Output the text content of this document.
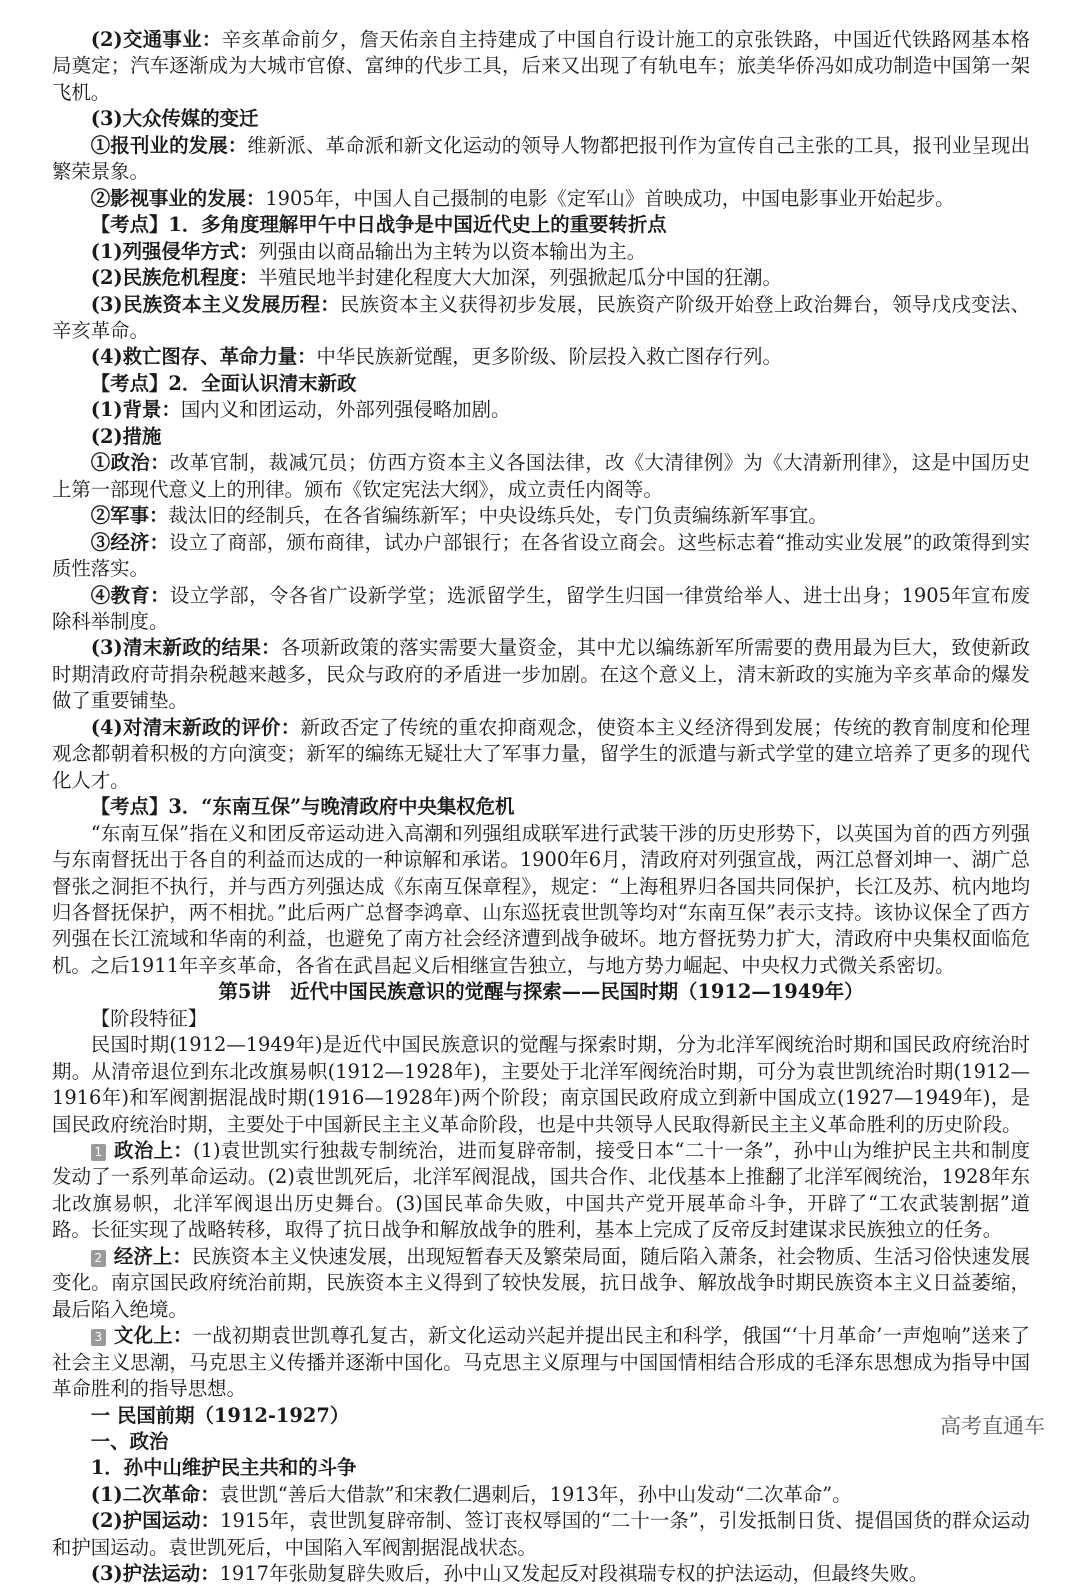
(2)交通事业：辛亥革命前夕，詹天佑亲自主持建成了中国自行设计施工的京张铁路，中国近代铁路网基本格局奠定；汽车逐渐成为大城市官僚、富绅的代步工具，后来又出现了有轨电车；旅美华侨冯如成功制造中国第一架飞机。

(3)大众传媒的变迁

①报刊业的发展：维新派、革命派和新文化运动的领导人物都把报刊作为宣传自己主张的工具，报刊业呈现出繁荣景象。

②影视事业的发展：1905年，中国人自己摄制的电影《定军山》首映成功，中国电影事业开始起步。

【考点】1．多角度理解甲午中日战争是中国近代史上的重要转折点

(1)列强侵华方式：列强由以商品输出为主转为以资本输出为主。

(2)民族危机程度：半殖民地半封建化程度大大加深，列强掀起瓜分中国的狂潮。

(3)民族资本主义发展历程：民族资本主义获得初步发展，民族资产阶级开始登上政治舞台，领导戊戌变法、辛亥革命。

(4)救亡图存、革命力量：中华民族新觉醒，更多阶级、阶层投入救亡图存行列。

【考点】2．全面认识清末新政

(1)背景：国内义和团运动，外部列强侵略加剧。

(2)措施

①政治：改革官制，裁减冗员；仿西方资本主义各国法律，改《大清律例》为《大清新刑律》，这是中国历史上第一部现代意义上的刑律。颁布《钦定宪法大纲》，成立责任内阁等。

②军事：裁汰旧的经制兵，在各省编练新军；中央设练兵处，专门负责编练新军事宜。

③经济：设立了商部，颁布商律，试办户部银行；在各省设立商会。这些标志着“推动实业发展”的政策得到实质性落实。

④教育：设立学部，令各省广设新学堂；选派留学生，留学生归国一律赏给举人、进士出身；1905年宣布废除科举制度。

(3)清末新政的结果：各项新政策的落实需要大量资金，其中尤以编练新军所需要的费用最为巨大，致使新政时期清政府苛捐杂税越来越多，民众与政府的矛盾进一步加剧。在这个意义上，清末新政的实施为辛亥革命的爆发做了重要铺垫。

(4)对清末新政的评价：新政否定了传统的重农抑商观念，使资本主义经济得到发展；传统的教育制度和伦理观念都朝着积极的方向演变；新军的编练无疑壮大了军事力量，留学生的派遣与新式学堂的建立培养了更多的现代化人才。

【考点】3．“东南互保”与晚清政府中央集权危机

“东南互保”指在义和团反帝运动进入高潮和列强组成联军进行武装干涉的历史形势下，以英国为首的西方列强与东南督抚出于各自的利益而达成的一种谅解和承诺。1900年6月，清政府对列强宣战，两江总督刘坤一、湖广总督张之洞拒不执行，并与西方列强达成《东南互保章程》，规定：“上海租界归各国共同保护，长江及苏、杭内地均归各督抚保护，两不相扰。”此后两广总督李鸿章、山东巡抚袁世凯等均对“东南互保”表示支持。该协议保全了西方列强在长江流域和华南的利益，也避免了南方社会经济遭到战争破坏。地方督抚势力扩大，清政府中央集权面临危机。之后1911年辛亥革命，各省在武昌起义后相继宣告独立，与地方势力崛起、中央权力式微关系密切。

第5讲　近代中国民族意识的觉醒与探索——民国时期（1912—1949年）

【阶段特征】

民国时期(1912—1949年)是近代中国民族意识的觉醒与探索时期，分为北洋军阀统治时期和国民政府统治时期。从清帝退位到东北改旗易帜(1912—1928年)，主要处于北洋军阀统治时期，可分为袁世凯统治时期(1912—1916年)和军阀割据混战时期(1916—1928年)两个阶段；南京国民政府成立到新中国成立(1927—1949年)，是国民政府统治时期，主要处于中国新民主主义革命阶段，也是中共领导人民取得新民主主义革命胜利的历史阶段。

1 政治上：(1)袁世凯实行独裁专制统治，进而复辟帝制，接受日本“二十一条”，孙中山为维护民主共和制度发动了一系列革命运动。(2)袁世凯死后，北洋军阀混战，国共合作、北伐基本上推翻了北洋军阀统治，1928年东北改旗易帜，北洋军阀退出历史舞台。(3)国民革命失败，中国共产党开展革命斗争，开辟了“工农武装割据”道路。长征实现了战略转移，取得了抗日战争和解放战争的胜利，基本上完成了反帝反封建谋求民族独立的任务。

2 经济上：民族资本主义快速发展，出现短暂春天及繁荣局面，随后陷入萧条，社会物质、生活习俗快速发展变化。南京国民政府统治前期，民族资本主义得到了较快发展，抗日战争、解放战争时期民族资本主义日益萎缩，最后陷入绝境。

3 文化上：一战初期袁世凯尊孔复古，新文化运动兴起并提出民主和科学，俄国“‘十月革命’一声炮响”送来了社会主义思潮，马克思主义传播并逐渐中国化。马克思主义原理与中国国情相结合形成的毛泽东思想成为指导中国革命胜利的指导思想。

一 民国前期（1912-1927）

一、政治

1．孙中山维护民主共和的斗争

(1)二次革命：袁世凯“善后大借款”和宋教仁遇刺后，1913年，孙中山发动“二次革命”。

(2)护国运动：1915年，袁世凯复辟帝制、签订丧权辱国的“二十一条”，引发抵制日货、提倡国货的群众运动和护国运动。袁世凯死后，中国陷入军阀割据混战状态。

(3)护法运动：1917年张勋复辟失败后，孙中山又发起反对段祺瑞专权的护法运动，但最终失败。

高考直通车
